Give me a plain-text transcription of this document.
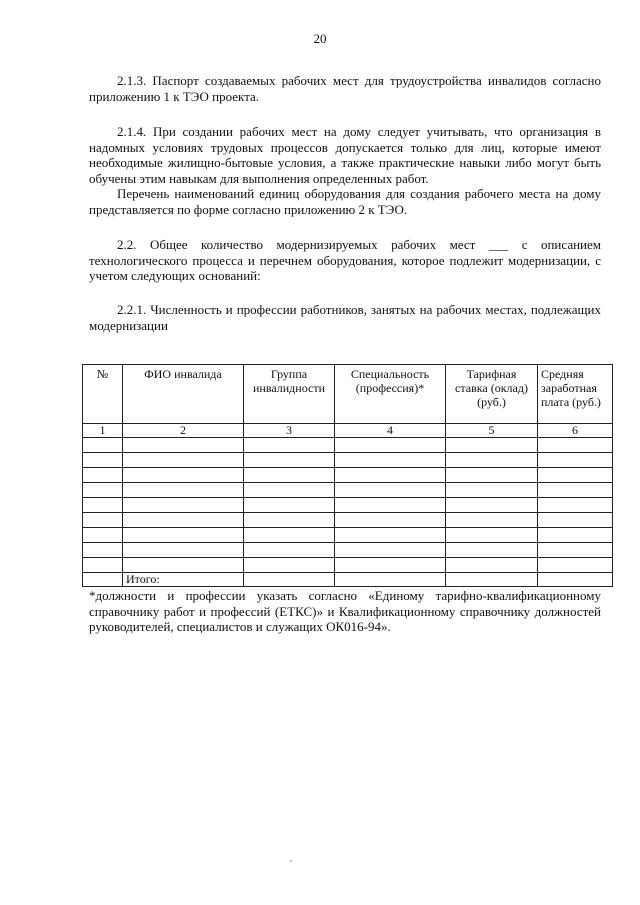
20

2.1.3. Паспорт создаваемых рабочих мест для трудоустройства инвалидов согласно приложению 1 к ТЭО проекта.

2.1.4. При создании рабочих мест на дому следует учитывать, что организация в надомных условиях трудовых процессов допускается только для лиц, которые имеют необходимые жилищно-бытовые условия, а также практические навыки либо могут быть обучены этим навыкам для выполнения определенных работ.

Перечень наименований единиц оборудования для создания рабочего места на дому представляется по форме согласно приложению 2 к ТЭО.

2.2. Общее количество модернизируемых рабочих мест ___ с описанием технологического процесса и перечнем оборудования, которое подлежит модернизации, с учетом следующих оснований:

2.2.1. Численность и профессии работников, занятых на рабочих местах, подлежащих модернизации

№	ФИО инвалида	Группа инвалидности	Специальность (профессия)*	Тарифная ставка (оклад) (руб.)	Средняя заработная плата (руб.)
1	2	3	4	5	6

	Итого:				

*должности и профессии указать согласно «Единому тарифно-квалификационному справочнику работ и профессий (ЕТКС)» и Квалификационному справочнику должностей руководителей, специалистов и служащих ОК016-94».
